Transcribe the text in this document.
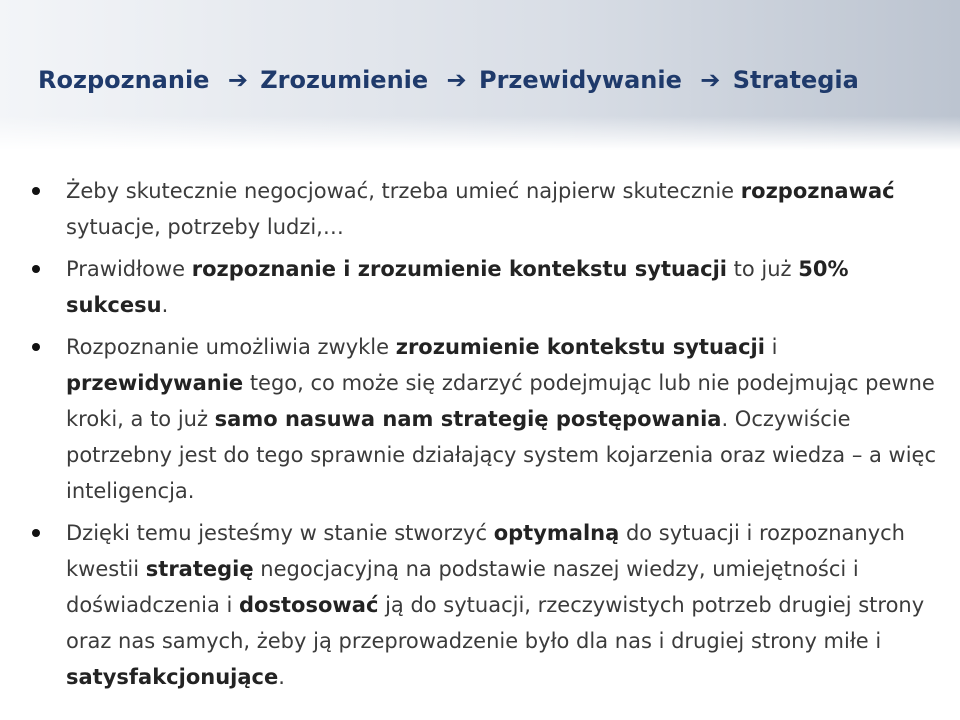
Rozpoznanie ➔ Zrozumienie ➔ Przewidywanie ➔ Strategia
Żeby skutecznie negocjować, trzeba umieć najpierw skutecznie rozpoznawać sytuacje, potrzeby ludzi,…
Prawidłowe rozpoznanie i zrozumienie kontekstu sytuacji to już 50% sukcesu.
Rozpoznanie umożliwia zwykle zrozumienie kontekstu sytuacji i przewidywanie tego, co może się zdarzyć podejmując lub nie podejmując pewne kroki, a to już samo nasuwa nam strategię postępowania. Oczywiście potrzebny jest do tego sprawnie działający system kojarzenia oraz wiedza – a więc inteligencja.
Dzięki temu jesteśmy w stanie stworzyć optymalną do sytuacji i rozpoznanych kwestii strategię negocjacyjną na podstawie naszej wiedzy, umiejętności i doświadczenia i dostosować ją do sytuacji, rzeczywistych potrzeb drugiej strony oraz nas samych, żeby ją przeprowadzenie było dla nas i drugiej strony miłe i satysfakcjonujące.
